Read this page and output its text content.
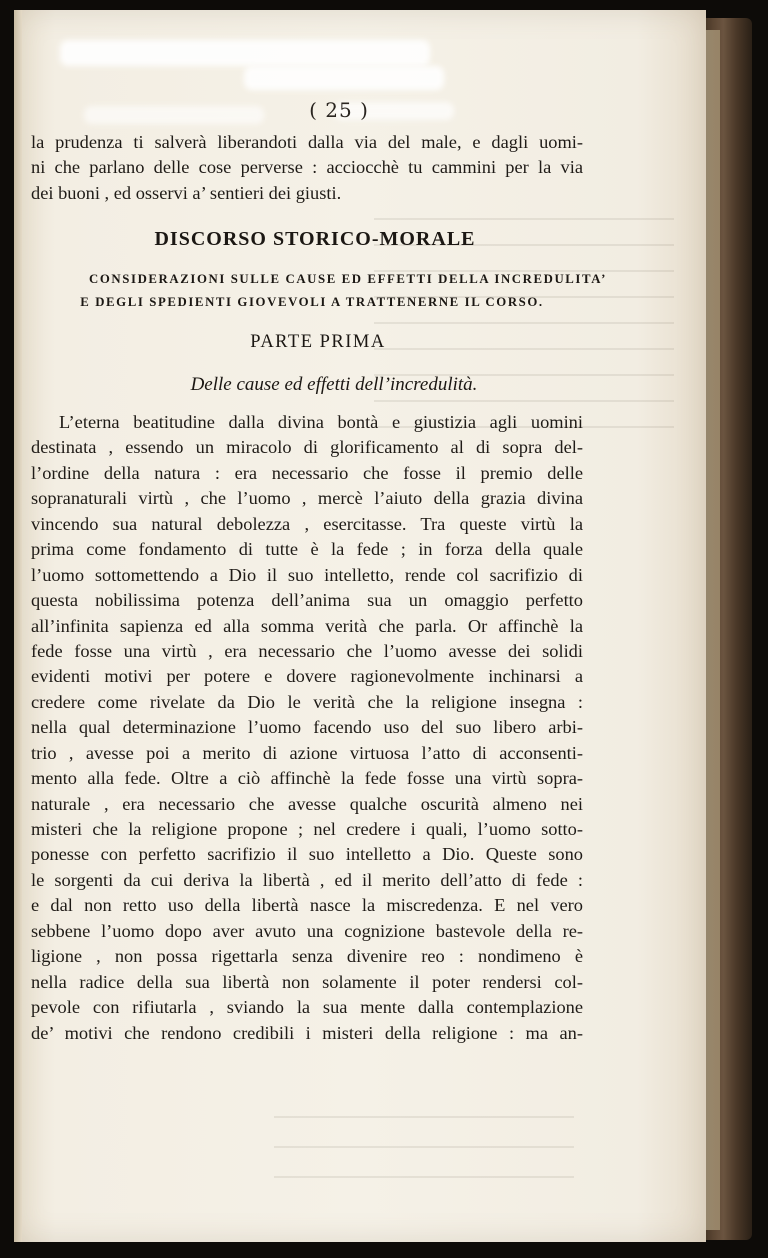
( 25 )
la prudenza ti salverà liberandoti dalla via del male, e dagli uomi-
ni che parlano delle cose perverse : acciocchè tu cammini per la via
dei buoni , ed osservi a’ sentieri dei giusti.
DISCORSO STORICO-MORALE
CONSIDERAZIONI SULLE CAUSE ED EFFETTI DELLA INCREDULITA’
E DEGLI SPEDIENTI GIOVEVOLI A TRATTENERNE IL CORSO.
PARTE PRIMA
Delle cause ed effetti dell’incredulità.
L’eterna beatitudine dalla divina bontà e giustizia agli uomini
destinata , essendo un miracolo di glorificamento al di sopra del-
l’ordine della natura : era necessario che fosse il premio delle
sopranaturali virtù , che l’uomo , mercè l’aiuto della grazia divina
vincendo sua natural debolezza , esercitasse. Tra queste virtù la
prima come fondamento di tutte è la fede ; in forza della quale
l’uomo sottomettendo a Dio il suo intelletto, rende col sacrifizio di
questa nobilissima potenza dell’anima sua un omaggio perfetto
all’infinita sapienza ed alla somma verità che parla. Or affinchè la
fede fosse una virtù , era necessario che l’uomo avesse dei solidi
evidenti motivi per potere e dovere ragionevolmente inchinarsi a
credere come rivelate da Dio le verità che la religione insegna :
nella qual determinazione l’uomo facendo uso del suo libero arbi-
trio , avesse poi a merito di azione virtuosa l’atto di acconsenti-
mento alla fede. Oltre a ciò affinchè la fede fosse una virtù sopra-
naturale , era necessario che avesse qualche oscurità almeno nei
misteri che la religione propone ; nel credere i quali, l’uomo sotto-
ponesse con perfetto sacrifizio il suo intelletto a Dio. Queste sono
le sorgenti da cui deriva la libertà , ed il merito dell’atto di fede :
e dal non retto uso della libertà nasce la miscredenza. E nel vero
sebbene l’uomo dopo aver avuto una cognizione bastevole della re-
ligione , non possa rigettarla senza divenire reo : nondimeno è
nella radice della sua libertà non solamente il poter rendersi col-
pevole con rifiutarla , sviando la sua mente dalla contemplazione
de’ motivi che rendono credibili i misteri della religione : ma an-
